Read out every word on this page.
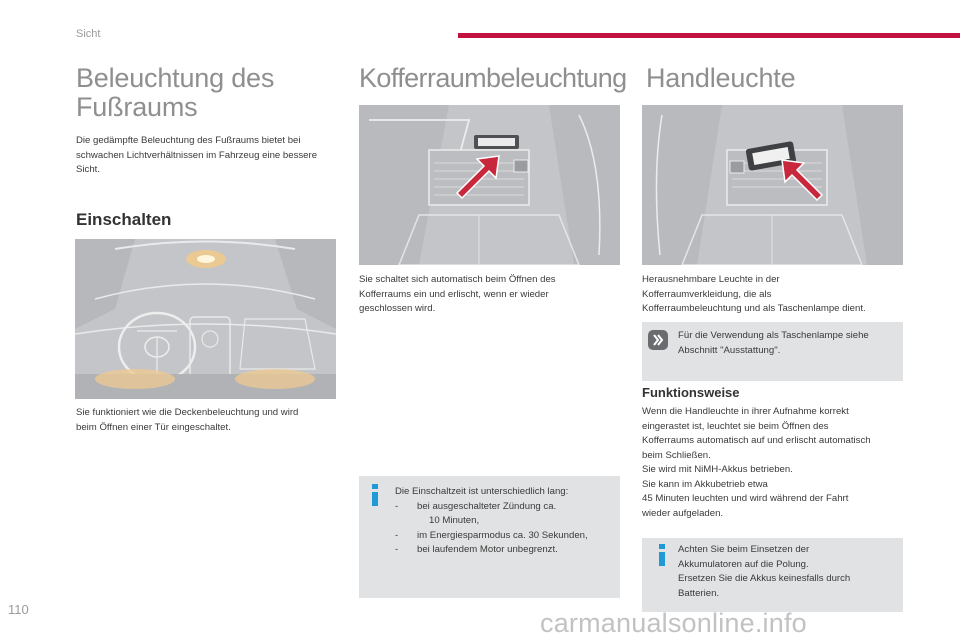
Sicht
Beleuchtung des
Fußraums
Die gedämpfte Beleuchtung des Fußraums bietet bei
schwachen Lichtverhältnissen im Fahrzeug eine bessere
Sicht.
Einschalten
Sie funktioniert wie die Deckenbeleuchtung und wird
beim Öffnen einer Tür eingeschaltet.
Kofferraumbeleuchtung
Sie schaltet sich automatisch beim Öffnen des
Kofferraums ein und erlischt, wenn er wieder
geschlossen wird.
Die Einschaltzeit ist unterschiedlich lang:
- bei ausgeschalteter Zündung ca.
10 Minuten,
- im Energiesparmodus ca. 30 Sekunden,
- bei laufendem Motor unbegrenzt.
Handleuchte
Herausnehmbare Leuchte in der
Kofferraumverkleidung, die als
Kofferraumbeleuchtung und als Taschenlampe dient.
Für die Verwendung als Taschenlampe siehe
Abschnitt "Ausstattung".
Funktionsweise
Wenn die Handleuchte in ihrer Aufnahme korrekt
eingerastet ist, leuchtet sie beim Öffnen des
Kofferraums automatisch auf und erlischt automatisch
beim Schließen.
Sie wird mit NiMH-Akkus betrieben.
Sie kann im Akkubetrieb etwa
45 Minuten leuchten und wird während der Fahrt
wieder aufgeladen.
Achten Sie beim Einsetzen der
Akkumulatoren auf die Polung.
Ersetzen Sie die Akkus keinesfalls durch
Batterien.
110	carmanualsonline.info
